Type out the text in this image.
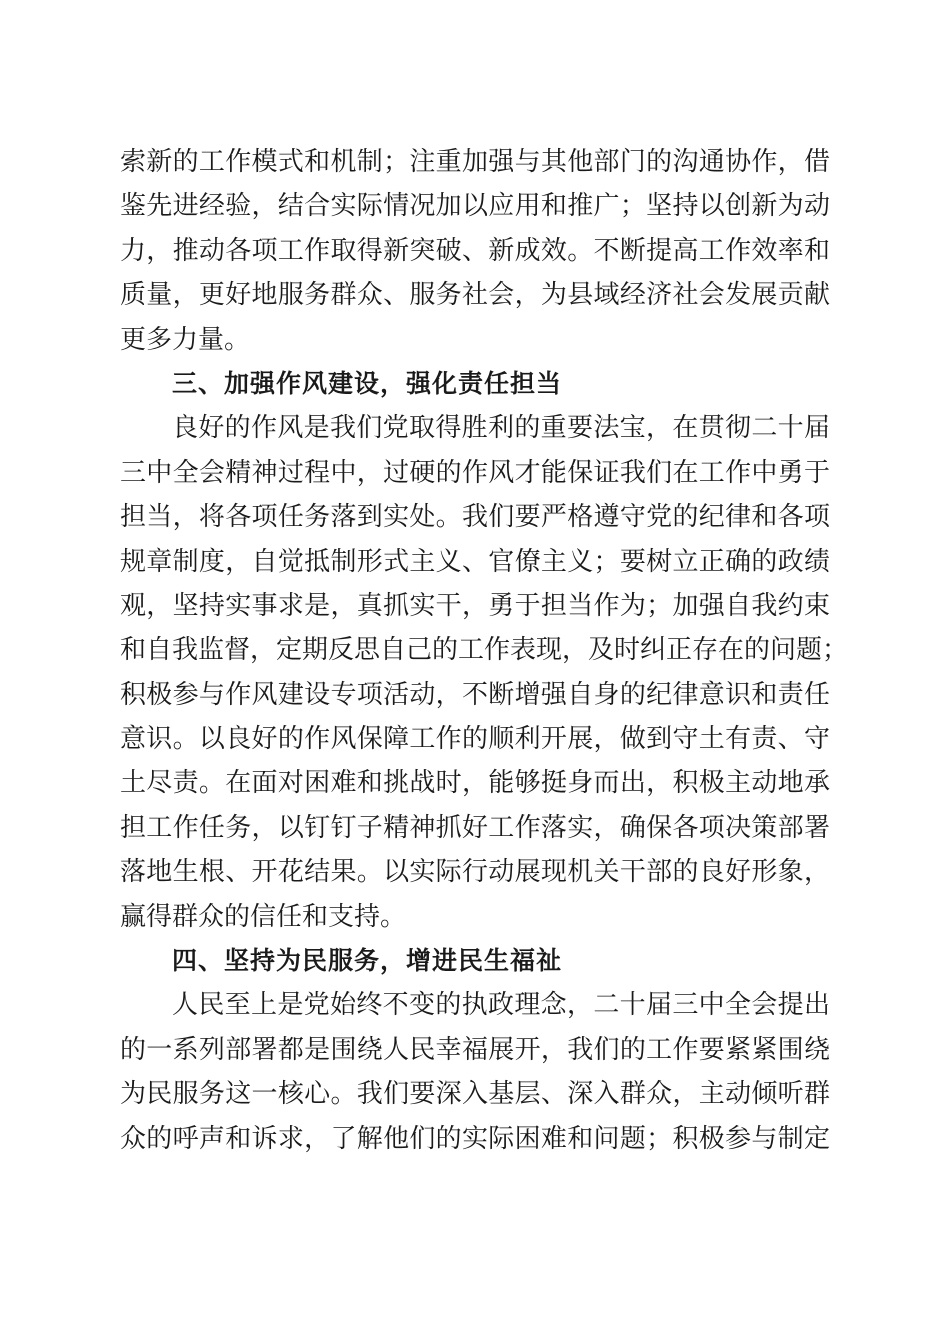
索新的工作模式和机制；注重加强与其他部门的沟通协作，借
鉴先进经验，结合实际情况加以应用和推广；坚持以创新为动
力，推动各项工作取得新突破、新成效。不断提高工作效率和
质量，更好地服务群众、服务社会，为县域经济社会发展贡献
更多力量。
三、加强作风建设，强化责任担当
良好的作风是我们党取得胜利的重要法宝，在贯彻二十届
三中全会精神过程中，过硬的作风才能保证我们在工作中勇于
担当，将各项任务落到实处。我们要严格遵守党的纪律和各项
规章制度，自觉抵制形式主义、官僚主义；要树立正确的政绩
观，坚持实事求是，真抓实干，勇于担当作为；加强自我约束
和自我监督，定期反思自己的工作表现，及时纠正存在的问题；
积极参与作风建设专项活动，不断增强自身的纪律意识和责任
意识。以良好的作风保障工作的顺利开展，做到守土有责、守
土尽责。在面对困难和挑战时，能够挺身而出，积极主动地承
担工作任务，以钉钉子精神抓好工作落实，确保各项决策部署
落地生根、开花结果。以实际行动展现机关干部的良好形象，
赢得群众的信任和支持。
四、坚持为民服务，增进民生福祉
人民至上是党始终不变的执政理念，二十届三中全会提出
的一系列部署都是围绕人民幸福展开，我们的工作要紧紧围绕
为民服务这一核心。我们要深入基层、深入群众，主动倾听群
众的呼声和诉求，了解他们的实际困难和问题；积极参与制定
